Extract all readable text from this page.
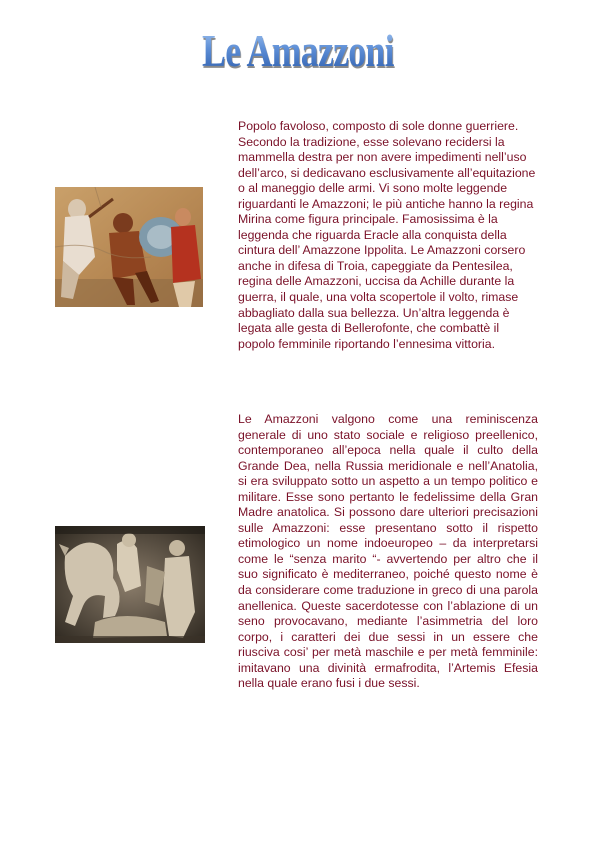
Le Amazzoni

Popolo favoloso, composto di sole donne guerriere. Secondo la tradizione, esse solevano recidersi la mammella destra per non avere impedimenti nell’uso dell’arco, si dedicavano esclusivamente all’equitazione o al maneggio delle armi. Vi sono molte leggende riguardanti le Amazzoni; le più antiche hanno la regina Mirina come figura principale. Famosissima è la leggenda che riguarda Eracle alla conquista della cintura dell’ Amazzone Ippolita. Le Amazzoni corsero anche in difesa di Troia, capeggiate da Pentesilea, regina delle Amazzoni, uccisa da Achille durante la guerra, il quale, una volta scopertole il volto, rimase abbagliato dalla sua bellezza. Un’altra leggenda è legata alle gesta di Bellerofonte, che combattè il popolo femminile riportando l’ennesima vittoria.

Le Amazzoni valgono come una reminiscenza generale di uno stato sociale e religioso preellenico, contemporaneo all’epoca nella quale il culto della Grande Dea, nella Russia meridionale e nell’Anatolia, si era sviluppato sotto un aspetto a un tempo politico e militare. Esse sono pertanto le fedelissime della Gran Madre anatolica. Si possono dare ulteriori precisazioni sulle Amazzoni: esse presentano sotto il rispetto etimologico un nome indoeuropeo – da interpretarsi come le “senza marito “- avvertendo per altro che il suo significato è mediterraneo, poiché questo nome è da considerare come traduzione in greco di una parola anellenica. Queste sacerdotesse con l’ablazione di un seno provocavano, mediante l’asimmetria del loro corpo, i caratteri dei due sessi in un essere che riusciva cosi’ per metà maschile e per metà femminile: imitavano una divinità ermafrodita, l’Artemis Efesia nella quale erano fusi i due sessi.
